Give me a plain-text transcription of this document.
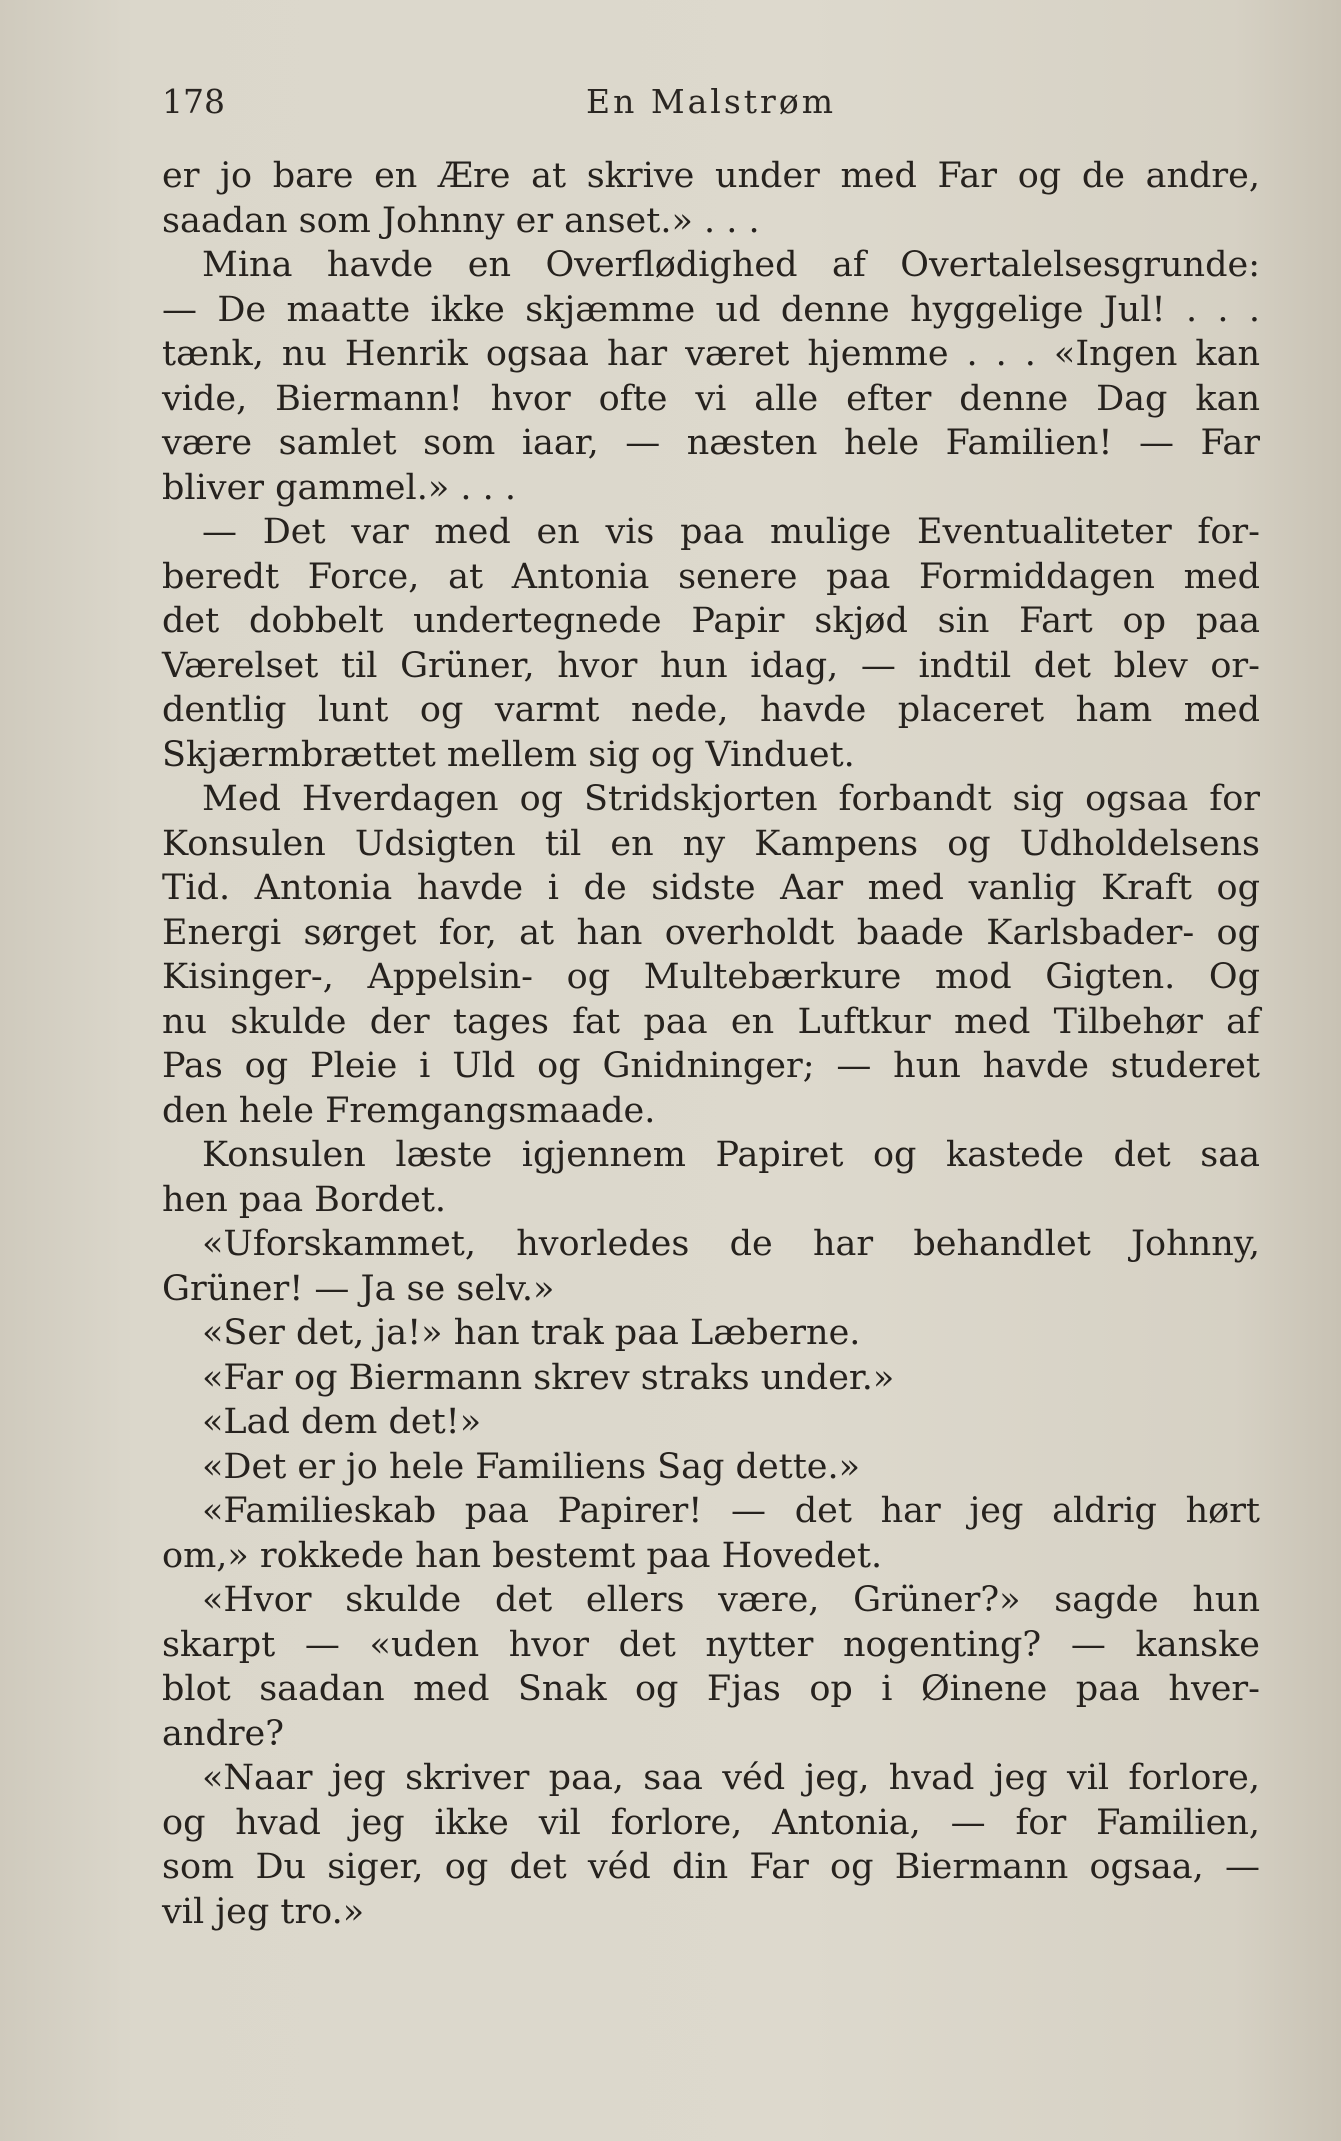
178	En Malstrøm
er jo bare en Ære at skrive under med Far og de andre,
saadan som Johnny er anset.» . . .
Mina havde en Overflødighed af Overtalelsesgrunde:
— De maatte ikke skjæmme ud denne hyggelige Jul! . . .
tænk, nu Henrik ogsaa har været hjemme . . . «Ingen kan
vide, Biermann! hvor ofte vi alle efter denne Dag kan
være samlet som iaar, — næsten hele Familien! — Far
bliver gammel.» . . .
— Det var med en vis paa mulige Eventualiteter for-
beredt Force, at Antonia senere paa Formiddagen med
det dobbelt undertegnede Papir skjød sin Fart op paa
Værelset til Grüner, hvor hun idag, — indtil det blev or-
dentlig lunt og varmt nede, havde placeret ham med
Skjærmbrættet mellem sig og Vinduet.
Med Hverdagen og Stridskjorten forbandt sig ogsaa for
Konsulen Udsigten til en ny Kampens og Udholdelsens
Tid. Antonia havde i de sidste Aar med vanlig Kraft og
Energi sørget for, at han overholdt baade Karlsbader- og
Kisinger-, Appelsin- og Multebærkure mod Gigten. Og
nu skulde der tages fat paa en Luftkur med Tilbehør af
Pas og Pleie i Uld og Gnidninger; — hun havde studeret
den hele Fremgangsmaade.
Konsulen læste igjennem Papiret og kastede det saa
hen paa Bordet.
«Uforskammet, hvorledes de har behandlet Johnny,
Grüner! — Ja se selv.»
«Ser det, ja!» han trak paa Læberne.
«Far og Biermann skrev straks under.»
«Lad dem det!»
«Det er jo hele Familiens Sag dette.»
«Familieskab paa Papirer! — det har jeg aldrig hørt
om,» rokkede han bestemt paa Hovedet.
«Hvor skulde det ellers være, Grüner?» sagde hun
skarpt — «uden hvor det nytter nogenting? — kanske
blot saadan med Snak og Fjas op i Øinene paa hver-
andre?
«Naar jeg skriver paa, saa véd jeg, hvad jeg vil forlore,
og hvad jeg ikke vil forlore, Antonia, — for Familien,
som Du siger, og det véd din Far og Biermann ogsaa, —
vil jeg tro.»
